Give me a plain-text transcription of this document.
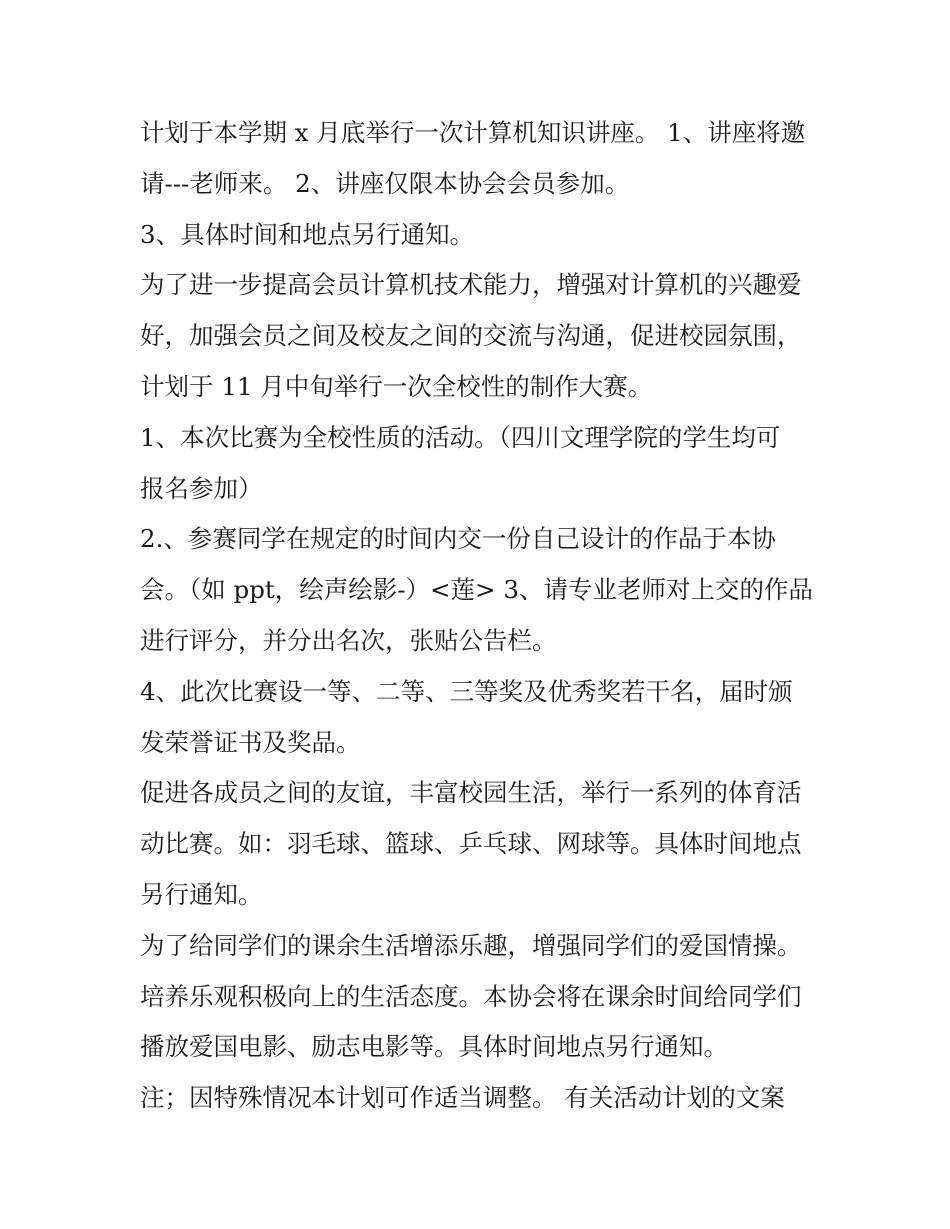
计划于本学期 x 月底举行一次计算机知识讲座。 1、讲座将邀
请---老师来。 2、讲座仅限本协会会员参加。
3、具体时间和地点另行通知。
为了进一步提高会员计算机技术能力，增强对计算机的兴趣爱
好，加强会员之间及校友之间的交流与沟通，促进校园氛围，
计划于 11 月中旬举行一次全校性的制作大赛。
1、本次比赛为全校性质的活动。（四川文理学院的学生均可
报名参加）
2.、参赛同学在规定的时间内交一份自己设计的作品于本协
会。（如 ppt，绘声绘影-）<莲> 3、请专业老师对上交的作品
进行评分，并分出名次，张贴公告栏。
4、此次比赛设一等、二等、三等奖及优秀奖若干名，届时颁
发荣誉证书及奖品。
促进各成员之间的友谊，丰富校园生活，举行一系列的体育活
动比赛。如：羽毛球、篮球、乒乓球、网球等。具体时间地点
另行通知。
为了给同学们的课余生活增添乐趣，增强同学们的爱国情操。
培养乐观积极向上的生活态度。本协会将在课余时间给同学们
播放爱国电影、励志电影等。具体时间地点另行通知。
注；因特殊情况本计划可作适当调整。 有关活动计划的文案
